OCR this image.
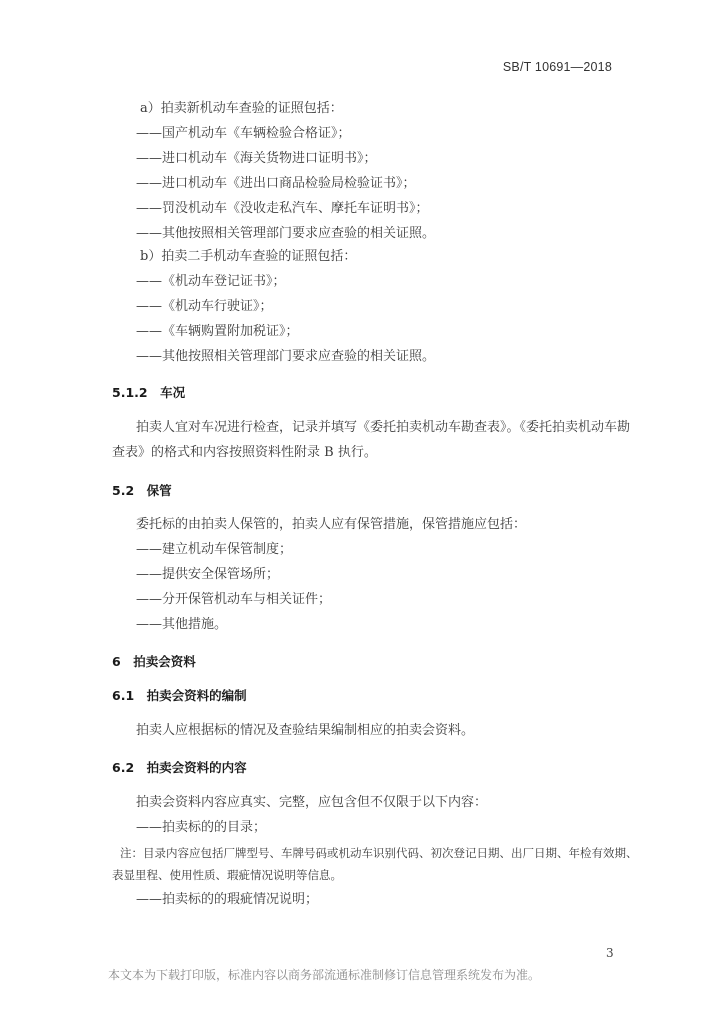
SB/T 10691—2018
a）拍卖新机动车查验的证照包括：
——国产机动车《车辆检验合格证》；
——进口机动车《海关货物进口证明书》；
——进口机动车《进出口商品检验局检验证书》；
——罚没机动车《没收走私汽车、摩托车证明书》；
——其他按照相关管理部门要求应查验的相关证照。
b）拍卖二手机动车查验的证照包括：
——《机动车登记证书》；
——《机动车行驶证》；
——《车辆购置附加税证》；
——其他按照相关管理部门要求应查验的相关证照。
5.1.2　车况
拍卖人宜对车况进行检查，记录并填写《委托拍卖机动车勘查表》。《委托拍卖机动车勘
查表》的格式和内容按照资料性附录 B 执行。
5.2　保管
委托标的由拍卖人保管的，拍卖人应有保管措施，保管措施应包括：
——建立机动车保管制度；
——提供安全保管场所；
——分开保管机动车与相关证件；
——其他措施。
6　拍卖会资料
6.1　拍卖会资料的编制
拍卖人应根据标的情况及查验结果编制相应的拍卖会资料。
6.2　拍卖会资料的内容
拍卖会资料内容应真实、完整，应包含但不仅限于以下内容：
——拍卖标的的目录；
注：目录内容应包括厂牌型号、车牌号码或机动车识别代码、初次登记日期、出厂日期、年检有效期、
表显里程、使用性质、瑕疵情况说明等信息。
——拍卖标的的瑕疵情况说明；
3
本文本为下载打印版，标准内容以商务部流通标准制修订信息管理系统发布为准。
